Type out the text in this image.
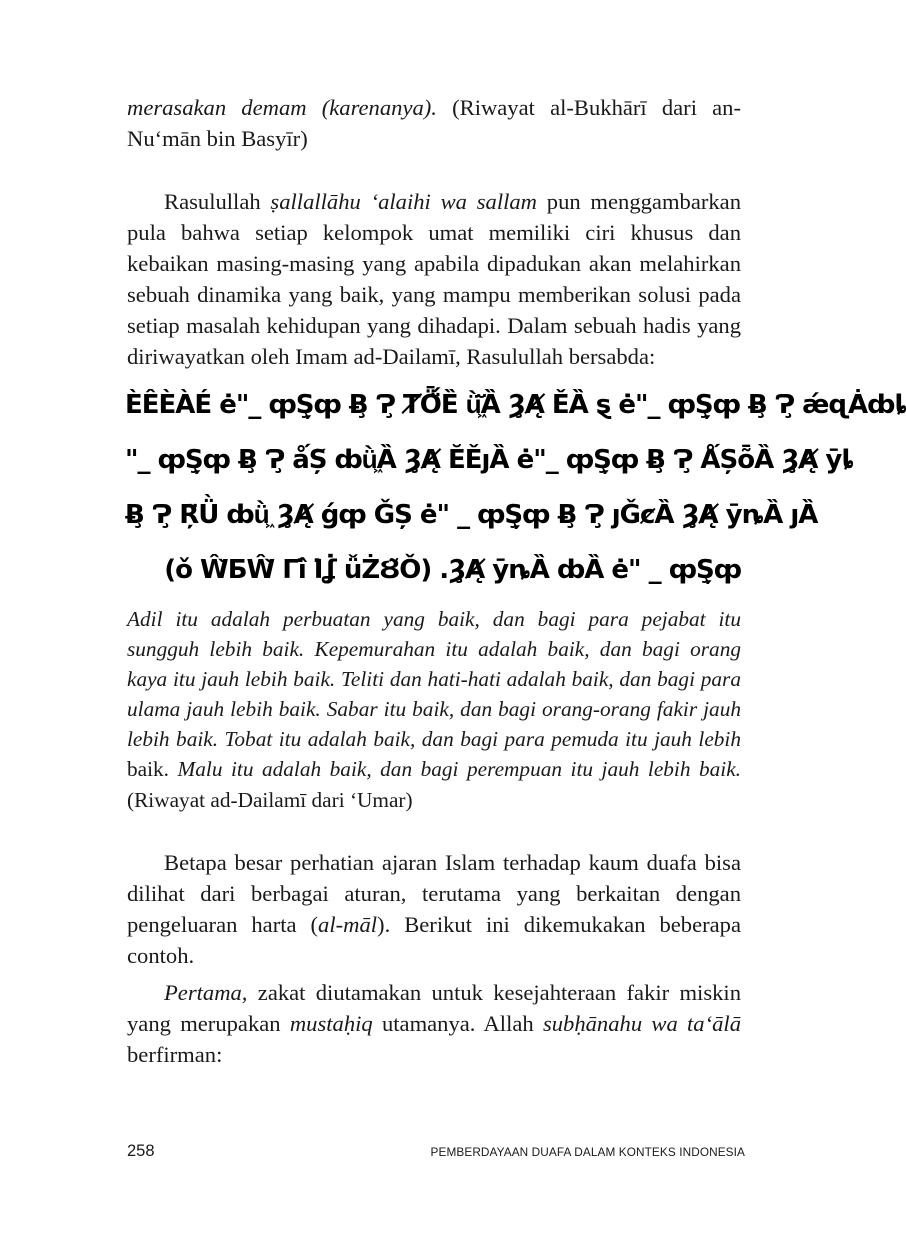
merasakan demam (karenanya). (Riwayat al-Bukhārī dari an-Nu‘mān bin Basyīr)

Rasulullah ṣallallāhu ‘alaihi wa sallam pun menggambarkan pula bahwa setiap kelompok umat memiliki ciri khusus dan kebaikan masing-masing yang apabila dipadukan akan melahirkan sebuah dinamika yang baik, yang mampu memberikan solusi pada setiap masalah kehidupan yang dihadapi. Dalam sebuah hadis yang diriwayatkan oleh Imam ad-Dailamī, Rasulullah bersabda:

ÈÊÈÀÉ ė"_ ȹŞ̦ȹ Ƀ̧ Ɂ̧ ȾȪ̈́Ȅ ǜ͖̆̈Ȁ Ȝ̧Ⱥ̨̨ ĚȀ ȿ ė"_ ȹŞ̦ȹ Ƀ̧ Ɂ̧ ǽɋȦȸȴ
"_ ȹŞ̦ȹ Ƀ̧ Ɂ̧ ǻȘ̌ ȸǜ͖Ȁ Ȝ̧Ⱥ̨̨ ĔĚȷȀ ė"_ ȹŞ̦ȹ Ƀ̧ Ɂ̧ ǺȘȭȀ Ȝ̧Ⱥ̨̨ ȳȴ
Ƀ̧ Ɂ̧ Ŗ̈Ǜ ȸǜ͖ Ȝ̧Ⱥ̨̨ ǵȹ ǦȘ ė" _ ȹŞ̦ȹ Ƀ̧ Ɂ̧ ȷǦȼȀ Ȝ̧Ⱥ̨̨ ȳȵȀ ȷȀ
(ǒ Ŵ̀ƂŴ̀ Γî̇ Ι̇ʆ̇ ǚŻȢ̃Ǒ) .Ȝ̧Ⱥ̨̨ ȳȵȀ ȸȀ ė" _ ȹŞ̦ȹ

Adil itu adalah perbuatan yang baik, dan bagi para pejabat itu sungguh lebih baik. Kepemurahan itu adalah baik, dan bagi orang kaya itu jauh lebih baik. Teliti dan hati-hati adalah baik, dan bagi para ulama jauh lebih baik. Sabar itu baik, dan bagi orang-orang fakir jauh lebih baik. Tobat itu adalah baik, dan bagi para pemuda itu jauh lebih baik. Malu itu adalah baik, dan bagi perempuan itu jauh lebih baik. (Riwayat ad-Dailamī dari ‘Umar)

Betapa besar perhatian ajaran Islam terhadap kaum duafa bisa dilihat dari berbagai aturan, terutama yang berkaitan dengan pengeluaran harta (al-māl). Berikut ini dikemukakan beberapa contoh.

Pertama, zakat diutamakan untuk kesejahteraan fakir miskin yang merupakan mustaḥiq utamanya. Allah subḥānahu wa ta‘ālā berfirman:

258	PEMBERDAYAAN DUAFA DALAM KONTEKS INDONESIA
